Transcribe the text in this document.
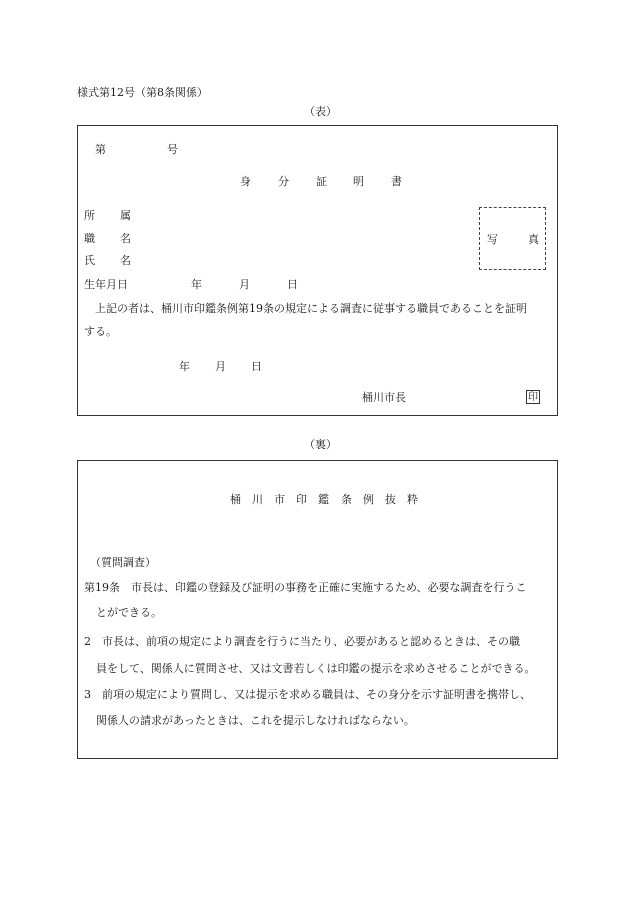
様式第12号（第8条関係）
（表）
第	号
身 分 証 明 書
所 属
職 名
氏 名
生年月日	年	月	日
写	真
上記の者は、桶川市印鑑条例第19条の規定による調査に従事する職員であることを証明
する。
年 月 日
桶川市長	印
（裏）
桶 川 市 印 鑑 条 例 抜 粋
（質問調査）
第19条　市長は、印鑑の登録及び証明の事務を正確に実施するため、必要な調査を行うこ
とができる。
2　市長は、前項の規定により調査を行うに当たり、必要があると認めるときは、その職
員をして、関係人に質問させ、又は文書若しくは印鑑の提示を求めさせることができる。
3　前項の規定により質問し、又は提示を求める職員は、その身分を示す証明書を携帯し、
関係人の請求があったときは、これを提示しなければならない。
